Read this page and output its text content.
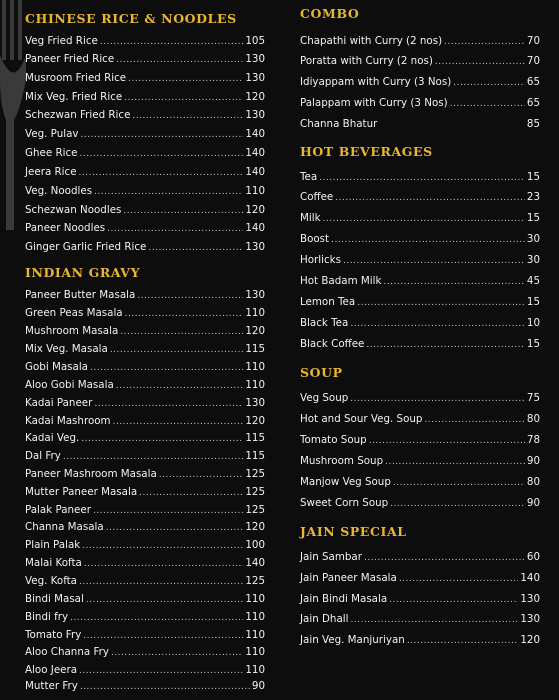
CHINESE RICE & NOODLES
Veg Fried Rice .....	105
Paneer Fried Rice .....	130
Musroom Fried Rice .....	130
Mix Veg. Fried Rice .....	120
Schezwan Fried Rice .....	130
Veg. Pulav .....	140
Ghee Rice .....	140
Jeera Rice .....	140
Veg. Noodles .....	110
Schezwan Noodles .....	120
Paneer Noodles .....	140
Ginger Garlic Fried Rice .....	130
INDIAN GRAVY
Paneer Butter Masala .....	130
Green Peas Masala .....	110
Mushroom Masala .....	120
Mix Veg. Masala .....	115
Gobi Masala .....	110
Aloo Gobi Masala .....	110
Kadai Paneer .....	130
Kadai Mashroom .....	120
Kadai Veg. .....	115
Dal Fry .....	115
Paneer Mashroom Masala .....	125
Mutter Paneer Masala .....	125
Palak Paneer .....	125
Channa Masala .....	120
Plain Palak .....	100
Malai Kofta .....	140
Veg. Kofta .....	125
Bindi Masal .....	110
Bindi fry .....	110
Tomato Fry .....	110
Aloo Channa Fry .....	110
Aloo Jeera .....	110
Mutter Fry .....	90
COMBO
Chapathi with Curry (2 nos) .....	70
Poratta with Curry (2 nos) .....	70
Idiyappam with Curry (3 Nos) .....	65
Palappam with Curry (3 Nos) .....	65
Channa Bhatur	85
HOT BEVERAGES
Tea .....	15
Coffee .....	23
Milk .....	15
Boost .....	30
Horlicks .....	30
Hot Badam Milk .....	45
Lemon Tea .....	15
Black Tea .....	10
Black Coffee .....	15
SOUP
Veg Soup .....	75
Hot and Sour Veg. Soup .....	80
Tomato Soup .....	78
Mushroom Soup .....	90
Manjow Veg Soup .....	80
Sweet Corn Soup .....	90
JAIN SPECIAL
Jain Sambar .....	60
Jain Paneer Masala .....	140
Jain Bindi Masala .....	130
Jain Dhall .....	130
Jain Veg. Manjuriyan .....	120
